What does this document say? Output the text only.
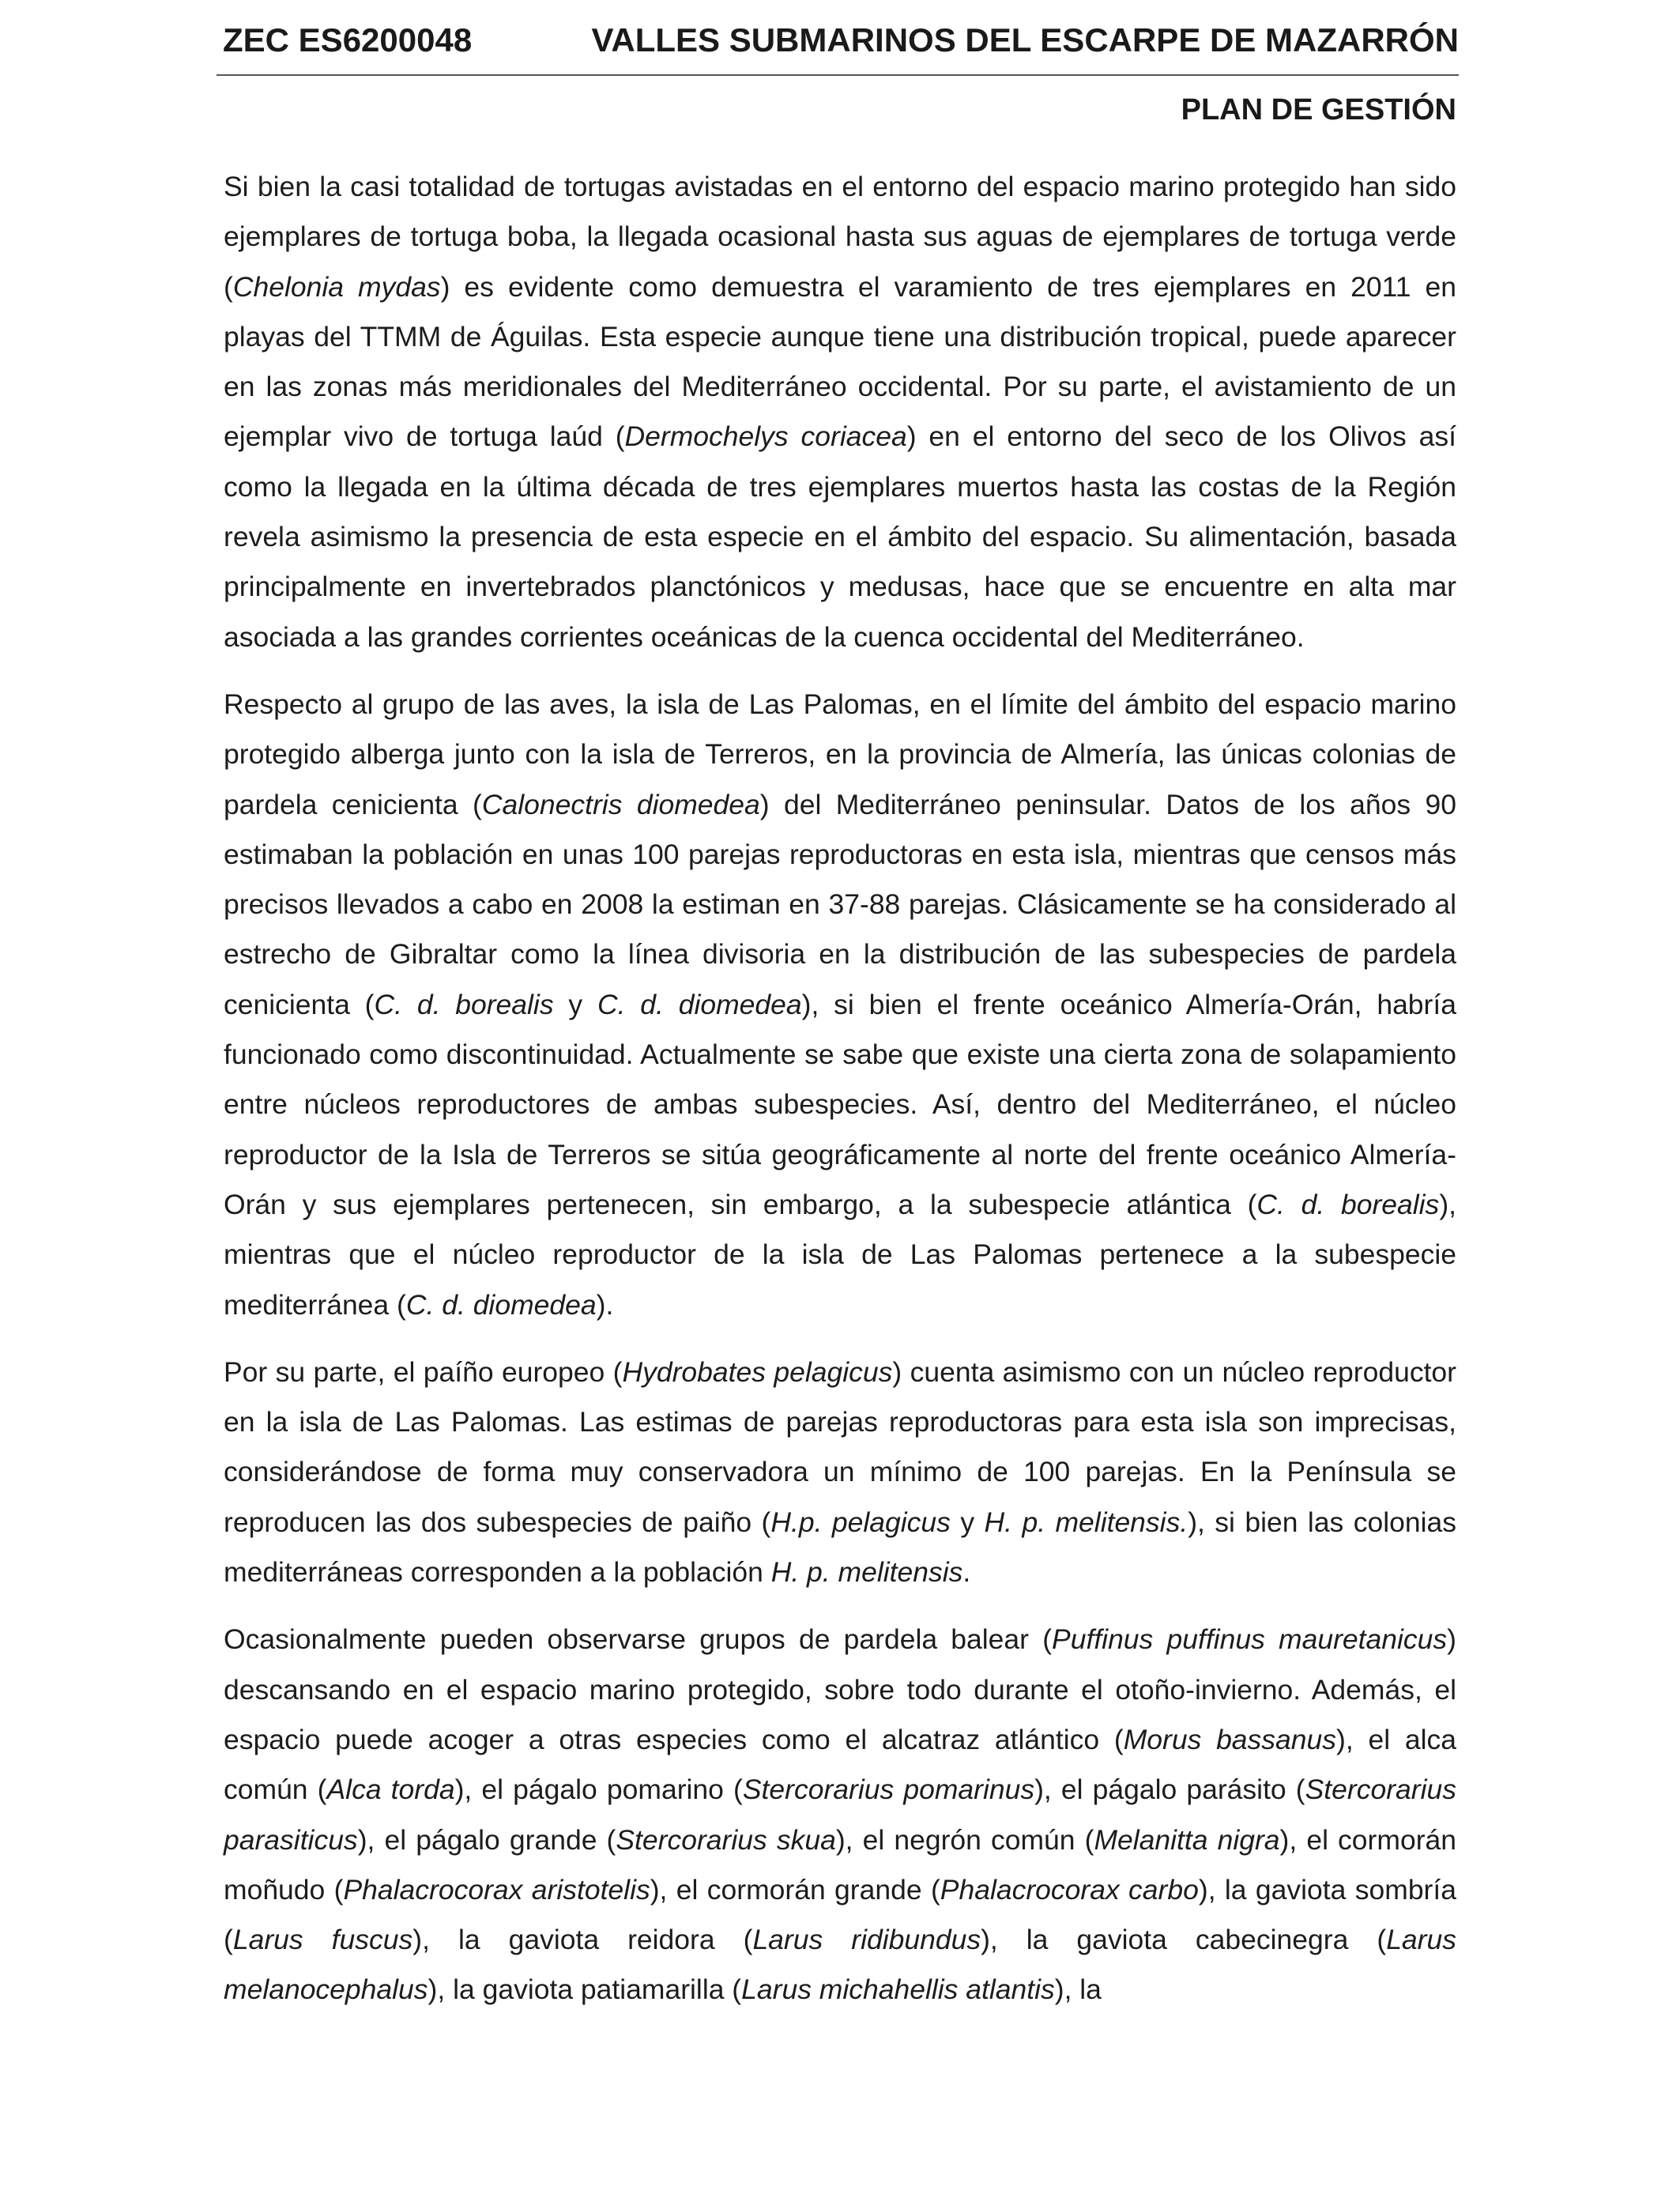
ZEC ES6200048	VALLES SUBMARINOS DEL ESCARPE DE MAZARRÓN
PLAN DE GESTIÓN

Si bien la casi totalidad de tortugas avistadas en el entorno del espacio marino protegido han sido ejemplares de tortuga boba, la llegada ocasional hasta sus aguas de ejemplares de tortuga verde (Chelonia mydas) es evidente como demuestra el varamiento de tres ejemplares en 2011 en playas del TTMM de Águilas. Esta especie aunque tiene una distribución tropical, puede aparecer en las zonas más meridionales del Mediterráneo occidental. Por su parte, el avistamiento de un ejemplar vivo de tortuga laúd (Dermochelys coriacea) en el entorno del seco de los Olivos así como la llegada en la última década de tres ejemplares muertos hasta las costas de la Región revela asimismo la presencia de esta especie en el ámbito del espacio. Su alimentación, basada principalmente en invertebrados planctónicos y medusas, hace que se encuentre en alta mar asociada a las grandes corrientes oceánicas de la cuenca occidental del Mediterráneo.

Respecto al grupo de las aves, la isla de Las Palomas, en el límite del ámbito del espacio marino protegido alberga junto con la isla de Terreros, en la provincia de Almería, las únicas colonias de pardela cenicienta (Calonectris diomedea) del Mediterráneo peninsular. Datos de los años 90 estimaban la población en unas 100 parejas reproductoras en esta isla, mientras que censos más precisos llevados a cabo en 2008 la estiman en 37-88 parejas. Clásicamente se ha considerado al estrecho de Gibraltar como la línea divisoria en la distribución de las subespecies de pardela cenicienta (C. d. borealis y C. d. diomedea), si bien el frente oceánico Almería-Orán, habría funcionado como discontinuidad. Actualmente se sabe que existe una cierta zona de solapamiento entre núcleos reproductores de ambas subespecies. Así, dentro del Mediterráneo, el núcleo reproductor de la Isla de Terreros se sitúa geográficamente al norte del frente oceánico Almería-Orán y sus ejemplares pertenecen, sin embargo, a la subespecie atlántica (C. d. borealis), mientras que el núcleo reproductor de la isla de Las Palomas pertenece a la subespecie mediterránea (C. d. diomedea).

Por su parte, el paíño europeo (Hydrobates pelagicus) cuenta asimismo con un núcleo reproductor en la isla de Las Palomas. Las estimas de parejas reproductoras para esta isla son imprecisas, considerándose de forma muy conservadora un mínimo de 100 parejas. En la Península se reproducen las dos subespecies de paiño (H.p. pelagicus y H. p. melitensis.), si bien las colonias mediterráneas corresponden a la población H. p. melitensis.

Ocasionalmente pueden observarse grupos de pardela balear (Puffinus puffinus mauretanicus) descansando en el espacio marino protegido, sobre todo durante el otoño-invierno. Además, el espacio puede acoger a otras especies como el alcatraz atlántico (Morus bassanus), el alca común (Alca torda), el págalo pomarino (Stercorarius pomarinus), el págalo parásito (Stercorarius parasiticus), el págalo grande (Stercorarius skua), el negrón común (Melanitta nigra), el cormorán moñudo (Phalacrocorax aristotelis), el cormorán grande (Phalacrocorax carbo), la gaviota sombría (Larus fuscus), la gaviota reidora (Larus ridibundus), la gaviota cabecinegra (Larus melanocephalus), la gaviota patiamarilla (Larus michahellis atlantis), la
